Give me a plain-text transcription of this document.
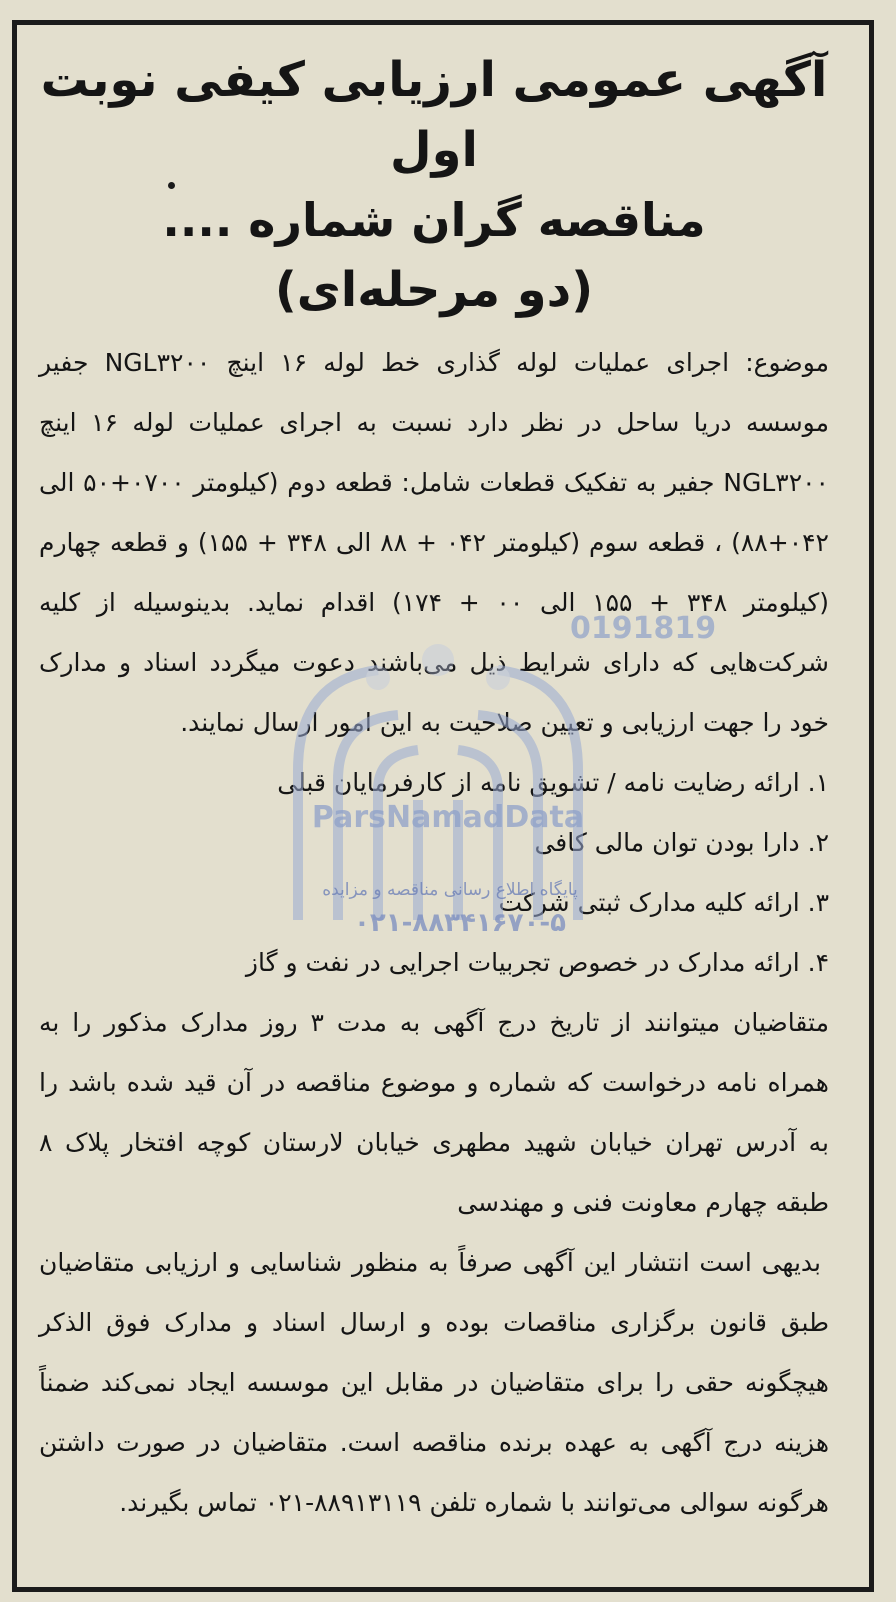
آگهی عمومی ارزیابی کیفی نوبت اول
مناقصه گران شماره ....
(دو مرحله‌ای)

موضوع: اجرای عملیات لوله گذاری خط لوله ۱۶ اینچ NGL۳۲۰۰ جفیر موسسه دریا ساحل در نظر دارد نسبت به اجرای عملیات لوله ۱۶ اینچ NGL۳۲۰۰ جفیر به تفکیک قطعات شامل: قطعه دوم (کیلومتر ۰۷۰۰+۵۰ الی ۰۴۲+۸۸) ، قطعه سوم (کیلومتر ۰۴۲ + ۸۸ الی ۳۴۸ + ۱۵۵) و قطعه چهارم (کیلومتر ۳۴۸ + ۱۵۵ الی ۰۰ + ۱۷۴) اقدام نماید. بدینوسیله از کلیه شرکت‌هایی که دارای شرایط ذیل می‌باشند دعوت میگردد اسناد و مدارک خود را جهت ارزیابی و تعیین صلاحیت به این امور ارسال نمایند.

۱. ارائه رضایت نامه / تشویق نامه از کارفرمایان قبلی
۲. دارا بودن توان مالی کافی
۳. ارائه کلیه مدارک ثبتی شرکت
۴. ارائه مدارک در خصوص تجربیات اجرایی در نفت و گاز

متقاضیان میتوانند از تاریخ درج آگهی به مدت ۳ روز مدارک مذکور را به همراه نامه درخواست که شماره و موضوع مناقصه در آن قید شده باشد را به آدرس تهران خیابان شهید مطهری خیابان لارستان کوچه افتخار پلاک ۸ طبقه چهارم معاونت فنی و مهندسی

بدیهی است انتشار این آگهی صرفاً به منظور شناسایی و ارزیابی متقاضیان طبق قانون برگزاری مناقصات بوده و ارسال اسناد و مدارک فوق الذکر هیچگونه حقی را برای متقاضیان در مقابل این موسسه ایجاد نمی‌کند ضمناً هزینه درج آگهی به عهده برنده مناقصه است. متقاضیان در صورت داشتن هرگونه سوالی می‌توانند با شماره تلفن ۸۸۹۱۳۱۱۹-۰۲۱ تماس بگیرند.

0191819
ParsNamadData
پایگاه اطلاع رسانی مناقصه و مزایده
۰۲۱-۸۸۳۴۱۶۷۰-۵
